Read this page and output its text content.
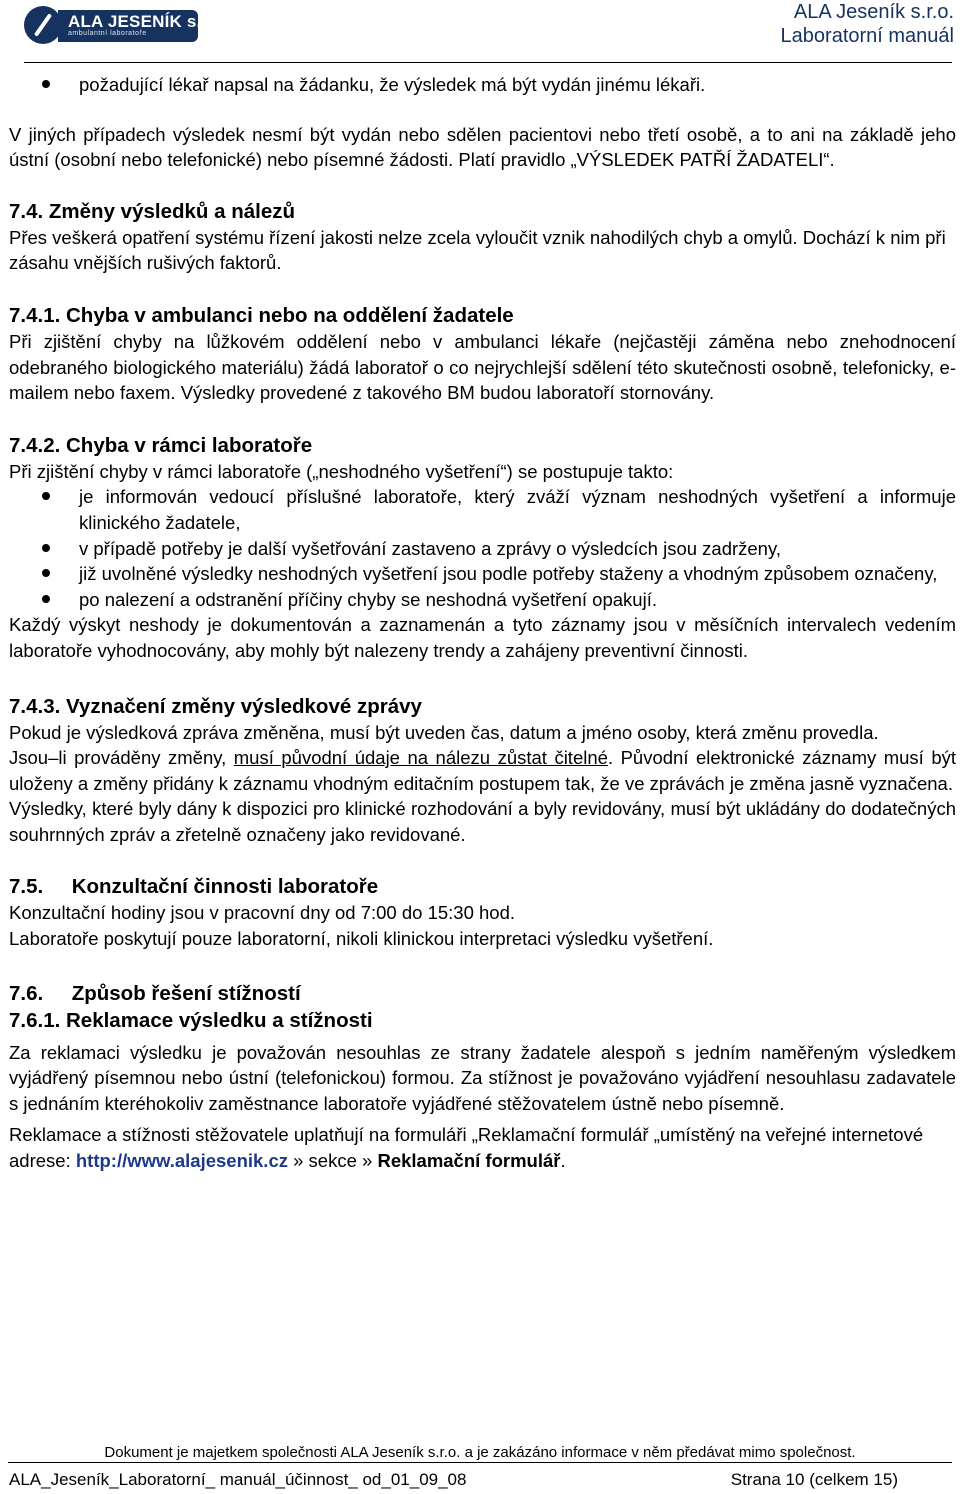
ALA JESENÍK s.r.o.
ambulantní laboratoře
ALA Jeseník s.r.o.
Laboratorní manuál
požadující lékař napsal na žádanku, že výsledek má být vydán jinému lékaři.

V jiných případech výsledek nesmí být vydán nebo sdělen pacientovi nebo třetí osobě, a to ani na základě jeho ústní (osobní nebo telefonické) nebo písemné žádosti. Platí pravidlo „VÝSLEDEK PATŘÍ ŽADATELI“.

7.4. Změny výsledků a nálezů

Přes veškerá opatření systému řízení jakosti nelze zcela vyloučit vznik nahodilých chyb a omylů. Dochází k nim při zásahu vnějších rušivých faktorů.

7.4.1. Chyba v ambulanci nebo na oddělení žadatele

Při zjištění chyby na lůžkovém oddělení nebo v ambulanci lékaře (nejčastěji záměna nebo znehodnocení odebraného biologického materiálu) žádá laboratoř o co nejrychlejší sdělení této skutečnosti osobně, telefonicky, e-mailem nebo faxem. Výsledky provedené z takového BM budou laboratoří stornovány.

7.4.2. Chyba v rámci laboratoře

Při zjištění chyby v rámci laboratoře („neshodného vyšetření“) se postupuje takto:

je informován vedoucí příslušné laboratoře, který zváží význam neshodných vyšetření a informuje klinického žadatele,
v případě potřeby je další vyšetřování zastaveno a zprávy o výsledcích jsou zadrženy,
již uvolněné výsledky neshodných vyšetření jsou podle potřeby staženy a vhodným způsobem označeny,
po nalezení a odstranění příčiny chyby se neshodná vyšetření opakují.

Každý výskyt neshody je dokumentován a zaznamenán a tyto záznamy jsou v měsíčních intervalech vedením laboratoře vyhodnocovány, aby mohly být nalezeny trendy a zahájeny preventivní činnosti.

7.4.3. Vyznačení změny výsledkové zprávy

Pokud je výsledková zpráva změněna, musí být uveden čas, datum a jméno osoby, která změnu provedla.

Jsou–li prováděny změny, musí původní údaje na nálezu zůstat čitelné. Původní elektronické záznamy musí být uloženy a změny přidány k záznamu vhodným editačním postupem tak, že ve zprávách je změna jasně vyznačena.

Výsledky, které byly dány k dispozici pro klinické rozhodování a byly revidovány, musí být ukládány do dodatečných souhrnných zpráv a zřetelně označeny jako revidované.

7.5. Konzultační činnosti laboratoře

Konzultační hodiny jsou v pracovní dny od 7:00 do 15:30 hod.

Laboratoře poskytují pouze laboratorní, nikoli klinickou interpretaci výsledku vyšetření.

7.6. Způsob řešení stížností
7.6.1. Reklamace výsledku a stížnosti

Za reklamaci výsledku je považován nesouhlas ze strany žadatele alespoň s jedním naměřeným výsledkem vyjádřený písemnou nebo ústní (telefonickou) formou. Za stížnost je považováno vyjádření nesouhlasu zadavatele s jednáním kteréhokoliv zaměstnance laboratoře vyjádřené stěžovatelem ústně nebo písemně.

Reklamace a stížnosti stěžovatele uplatňují na formuláři „Reklamační formulář „umístěný na veřejné internetové adrese: http://www.alajesenik.cz » sekce » Reklamační formulář.

Dokument je majetkem společnosti ALA Jeseník s.r.o. a je zakázáno informace v něm předávat mimo společnost.
ALA_Jeseník_Laboratorní_ manuál_účinnost_ od_01_09_08	Strana 10 (celkem 15)
